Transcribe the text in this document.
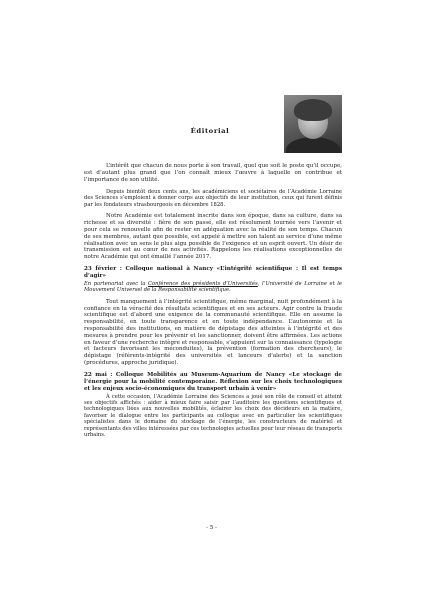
Éditorial

L’intérêt que chacun de nous porte à son travail, quel que soit le poste qu’il occupe, est d’autant plus grand que l’on connaît mieux l’œuvre à laquelle on contribue et l’importance de son utilité.

Depuis bientôt deux cents ans, les académiciens et sociétaires de l’Académie Lorraine des Sciences s’emploient à donner corps aux objectifs de leur institution, ceux qui furent définis par les fondateurs strasbourgeois en décembre 1828.

Notre Académie est totalement inscrite dans son époque, dans sa culture, dans sa richesse et sa diversité : fière de son passé, elle est résolument tournée vers l’avenir et pour cela se renouvelle afin de rester en adéquation avec la réalité de son temps. Chacun de ses membres, autant que possible, est appelé à mettre son talent au service d’une même réalisation avec un sens le plus aigu possible de l’exigence et un esprit ouvert. Un désir de transmission est au cœur de nos activités. Rappelons les réalisations exceptionnelles de notre Académie qui ont émaillé l’année 2017.

23 février : Colloque national à Nancy «L’intégrité scientifique : Il est temps d’agir»
En partenariat avec la Conférence des présidents d’Universités, l’Université de Lorraine et le Mouvement Universel de la Responsabilité scientifique.

Tout manquement à l’intégrité scientifique, même marginal, nuit profondément à la confiance en la véracité des résultats scientifiques et en ses acteurs. Agir contre la fraude scientifique est d’abord une exigence de la communauté scientifique. Elle en assume la responsabilité, en toute transparence et en toute indépendance. L’autonomie et la responsabilité des institutions, en matière de dépistage des atteintes à l’intégrité et des mesures à prendre pour les prévenir et les sanctionner, doivent être affirmées. Les actions en faveur d’une recherche intègre et responsable, s’appuient sur la connaissance (typologie et facteurs favorisant les méconduites), la prévention (formation des chercheurs), le dépistage (référents-intégrité des universités et lanceurs d’alerte) et la sanction (procédures, approche juridique).

22 mai : Colloque Mobilités au Museum-Aquarium de Nancy «Le stockage de l’énergie pour la mobilité contemporaine. Réflexion sur les choix technologiques et les enjeux socio-économiques du transport urbain à venir»

À cette occasion, l’Académie Lorraine des Sciences a joué son rôle de conseil et atteint ses objectifs affichés : aider à mieux faire saisir par l’auditoire les questions scientifiques et technologiques liées aux nouvelles mobilités, éclairer les choix des décideurs en la matière, favoriser le dialogue entre les participants au colloque avec en particulier les scientifiques spécialistes dans le domaine du stockage de l’énergie, les constructeurs de matériel et représentants des villes intéressées par ces technologies actuelles pour leur réseau de transports urbains.

- 5 -
